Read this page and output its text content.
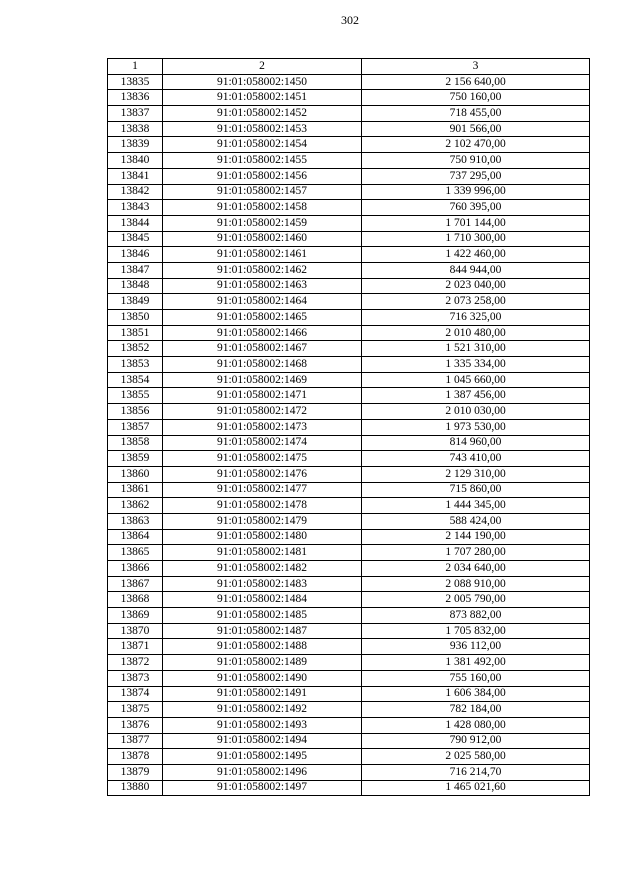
302
1	2	3
13835	91:01:058002:1450	2 156 640,00
13836	91:01:058002:1451	750 160,00
13837	91:01:058002:1452	718 455,00
13838	91:01:058002:1453	901 566,00
13839	91:01:058002:1454	2 102 470,00
13840	91:01:058002:1455	750 910,00
13841	91:01:058002:1456	737 295,00
13842	91:01:058002:1457	1 339 996,00
13843	91:01:058002:1458	760 395,00
13844	91:01:058002:1459	1 701 144,00
13845	91:01:058002:1460	1 710 300,00
13846	91:01:058002:1461	1 422 460,00
13847	91:01:058002:1462	844 944,00
13848	91:01:058002:1463	2 023 040,00
13849	91:01:058002:1464	2 073 258,00
13850	91:01:058002:1465	716 325,00
13851	91:01:058002:1466	2 010 480,00
13852	91:01:058002:1467	1 521 310,00
13853	91:01:058002:1468	1 335 334,00
13854	91:01:058002:1469	1 045 660,00
13855	91:01:058002:1471	1 387 456,00
13856	91:01:058002:1472	2 010 030,00
13857	91:01:058002:1473	1 973 530,00
13858	91:01:058002:1474	814 960,00
13859	91:01:058002:1475	743 410,00
13860	91:01:058002:1476	2 129 310,00
13861	91:01:058002:1477	715 860,00
13862	91:01:058002:1478	1 444 345,00
13863	91:01:058002:1479	588 424,00
13864	91:01:058002:1480	2 144 190,00
13865	91:01:058002:1481	1 707 280,00
13866	91:01:058002:1482	2 034 640,00
13867	91:01:058002:1483	2 088 910,00
13868	91:01:058002:1484	2 005 790,00
13869	91:01:058002:1485	873 882,00
13870	91:01:058002:1487	1 705 832,00
13871	91:01:058002:1488	936 112,00
13872	91:01:058002:1489	1 381 492,00
13873	91:01:058002:1490	755 160,00
13874	91:01:058002:1491	1 606 384,00
13875	91:01:058002:1492	782 184,00
13876	91:01:058002:1493	1 428 080,00
13877	91:01:058002:1494	790 912,00
13878	91:01:058002:1495	2 025 580,00
13879	91:01:058002:1496	716 214,70
13880	91:01:058002:1497	1 465 021,60
